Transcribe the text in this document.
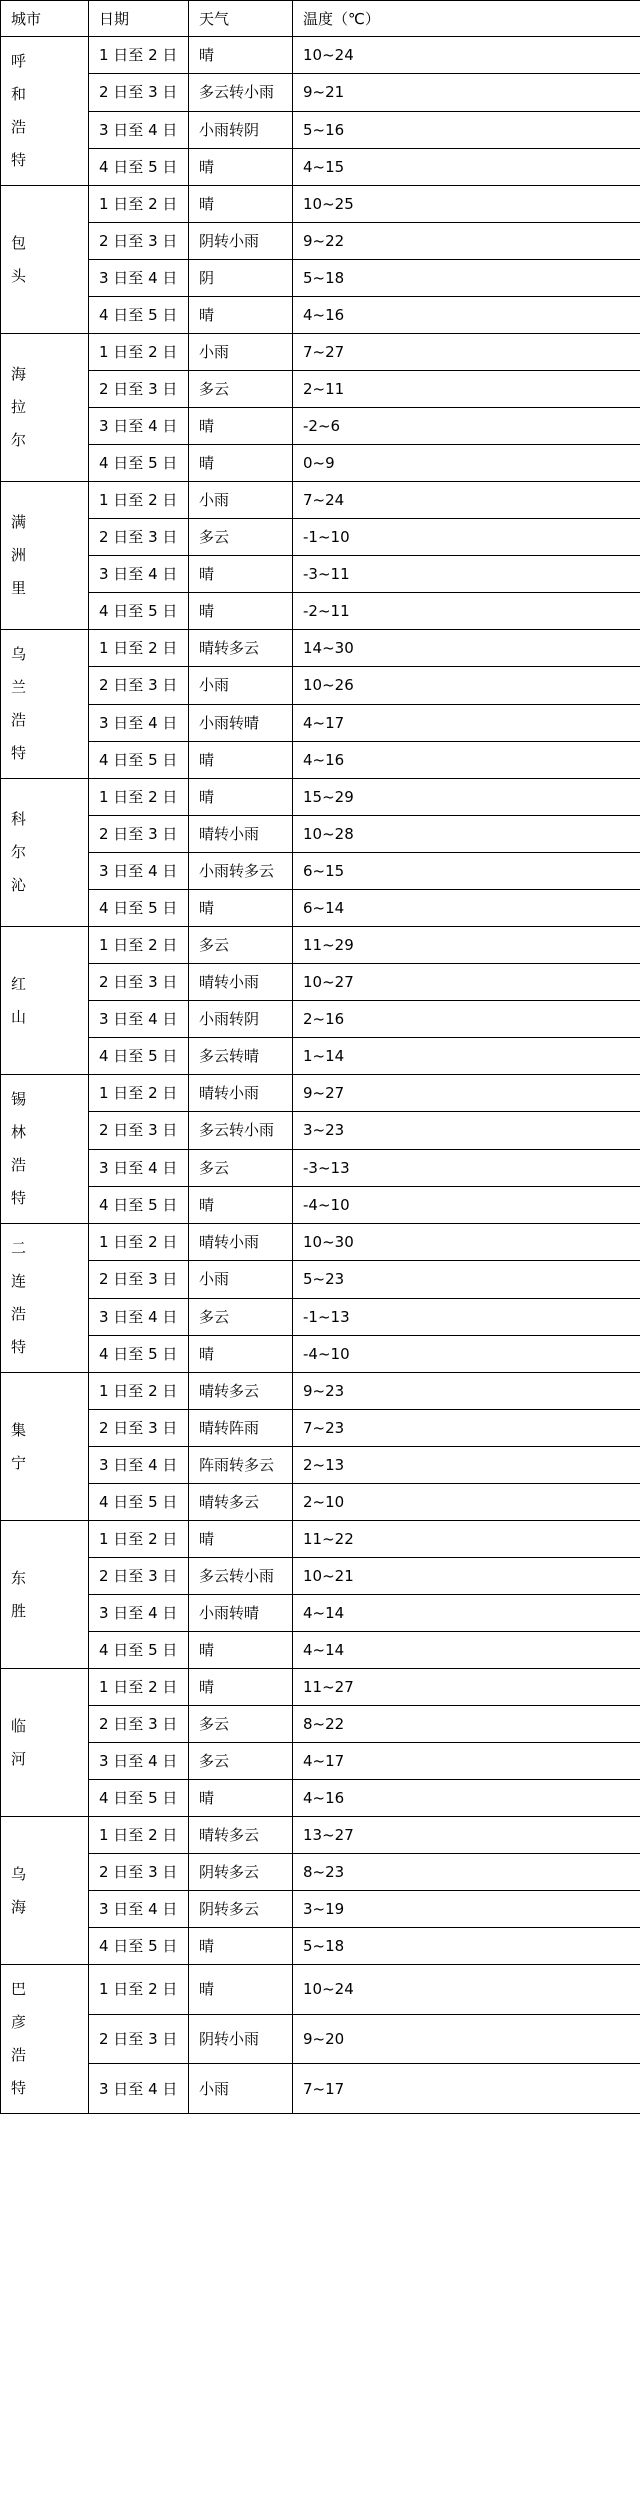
城市	日期	天气	温度（℃）

呼和浩特	1 日至 2 日	晴	10~24
	2 日至 3 日	多云转小雨	9~21
	3 日至 4 日	小雨转阴	5~16
	4 日至 5 日	晴	4~15

包头	1 日至 2 日	晴	10~25
	2 日至 3 日	阴转小雨	9~22
	3 日至 4 日	阴	5~18
	4 日至 5 日	晴	4~16

海拉尔	1 日至 2 日	小雨	7~27
	2 日至 3 日	多云	2~11
	3 日至 4 日	晴	-2~6
	4 日至 5 日	晴	0~9

满洲里	1 日至 2 日	小雨	7~24
	2 日至 3 日	多云	-1~10
	3 日至 4 日	晴	-3~11
	4 日至 5 日	晴	-2~11

乌兰浩特	1 日至 2 日	晴转多云	14~30
	2 日至 3 日	小雨	10~26
	3 日至 4 日	小雨转晴	4~17
	4 日至 5 日	晴	4~16

科尔沁	1 日至 2 日	晴	15~29
	2 日至 3 日	晴转小雨	10~28
	3 日至 4 日	小雨转多云	6~15
	4 日至 5 日	晴	6~14

红山	1 日至 2 日	多云	11~29
	2 日至 3 日	晴转小雨	10~27
	3 日至 4 日	小雨转阴	2~16
	4 日至 5 日	多云转晴	1~14

锡林浩特	1 日至 2 日	晴转小雨	9~27
	2 日至 3 日	多云转小雨	3~23
	3 日至 4 日	多云	-3~13
	4 日至 5 日	晴	-4~10

二连浩特	1 日至 2 日	晴转小雨	10~30
	2 日至 3 日	小雨	5~23
	3 日至 4 日	多云	-1~13
	4 日至 5 日	晴	-4~10

集宁	1 日至 2 日	晴转多云	9~23
	2 日至 3 日	晴转阵雨	7~23
	3 日至 4 日	阵雨转多云	2~13
	4 日至 5 日	晴转多云	2~10

东胜	1 日至 2 日	晴	11~22
	2 日至 3 日	多云转小雨	10~21
	3 日至 4 日	小雨转晴	4~14
	4 日至 5 日	晴	4~14

临河	1 日至 2 日	晴	11~27
	2 日至 3 日	多云	8~22
	3 日至 4 日	多云	4~17
	4 日至 5 日	晴	4~16

乌海	1 日至 2 日	晴转多云	13~27
	2 日至 3 日	阴转多云	8~23
	3 日至 4 日	阴转多云	3~19
	4 日至 5 日	晴	5~18

巴彦浩特	1 日至 2 日	晴	10~24
	2 日至 3 日	阴转小雨	9~20
	3 日至 4 日	小雨	7~17
